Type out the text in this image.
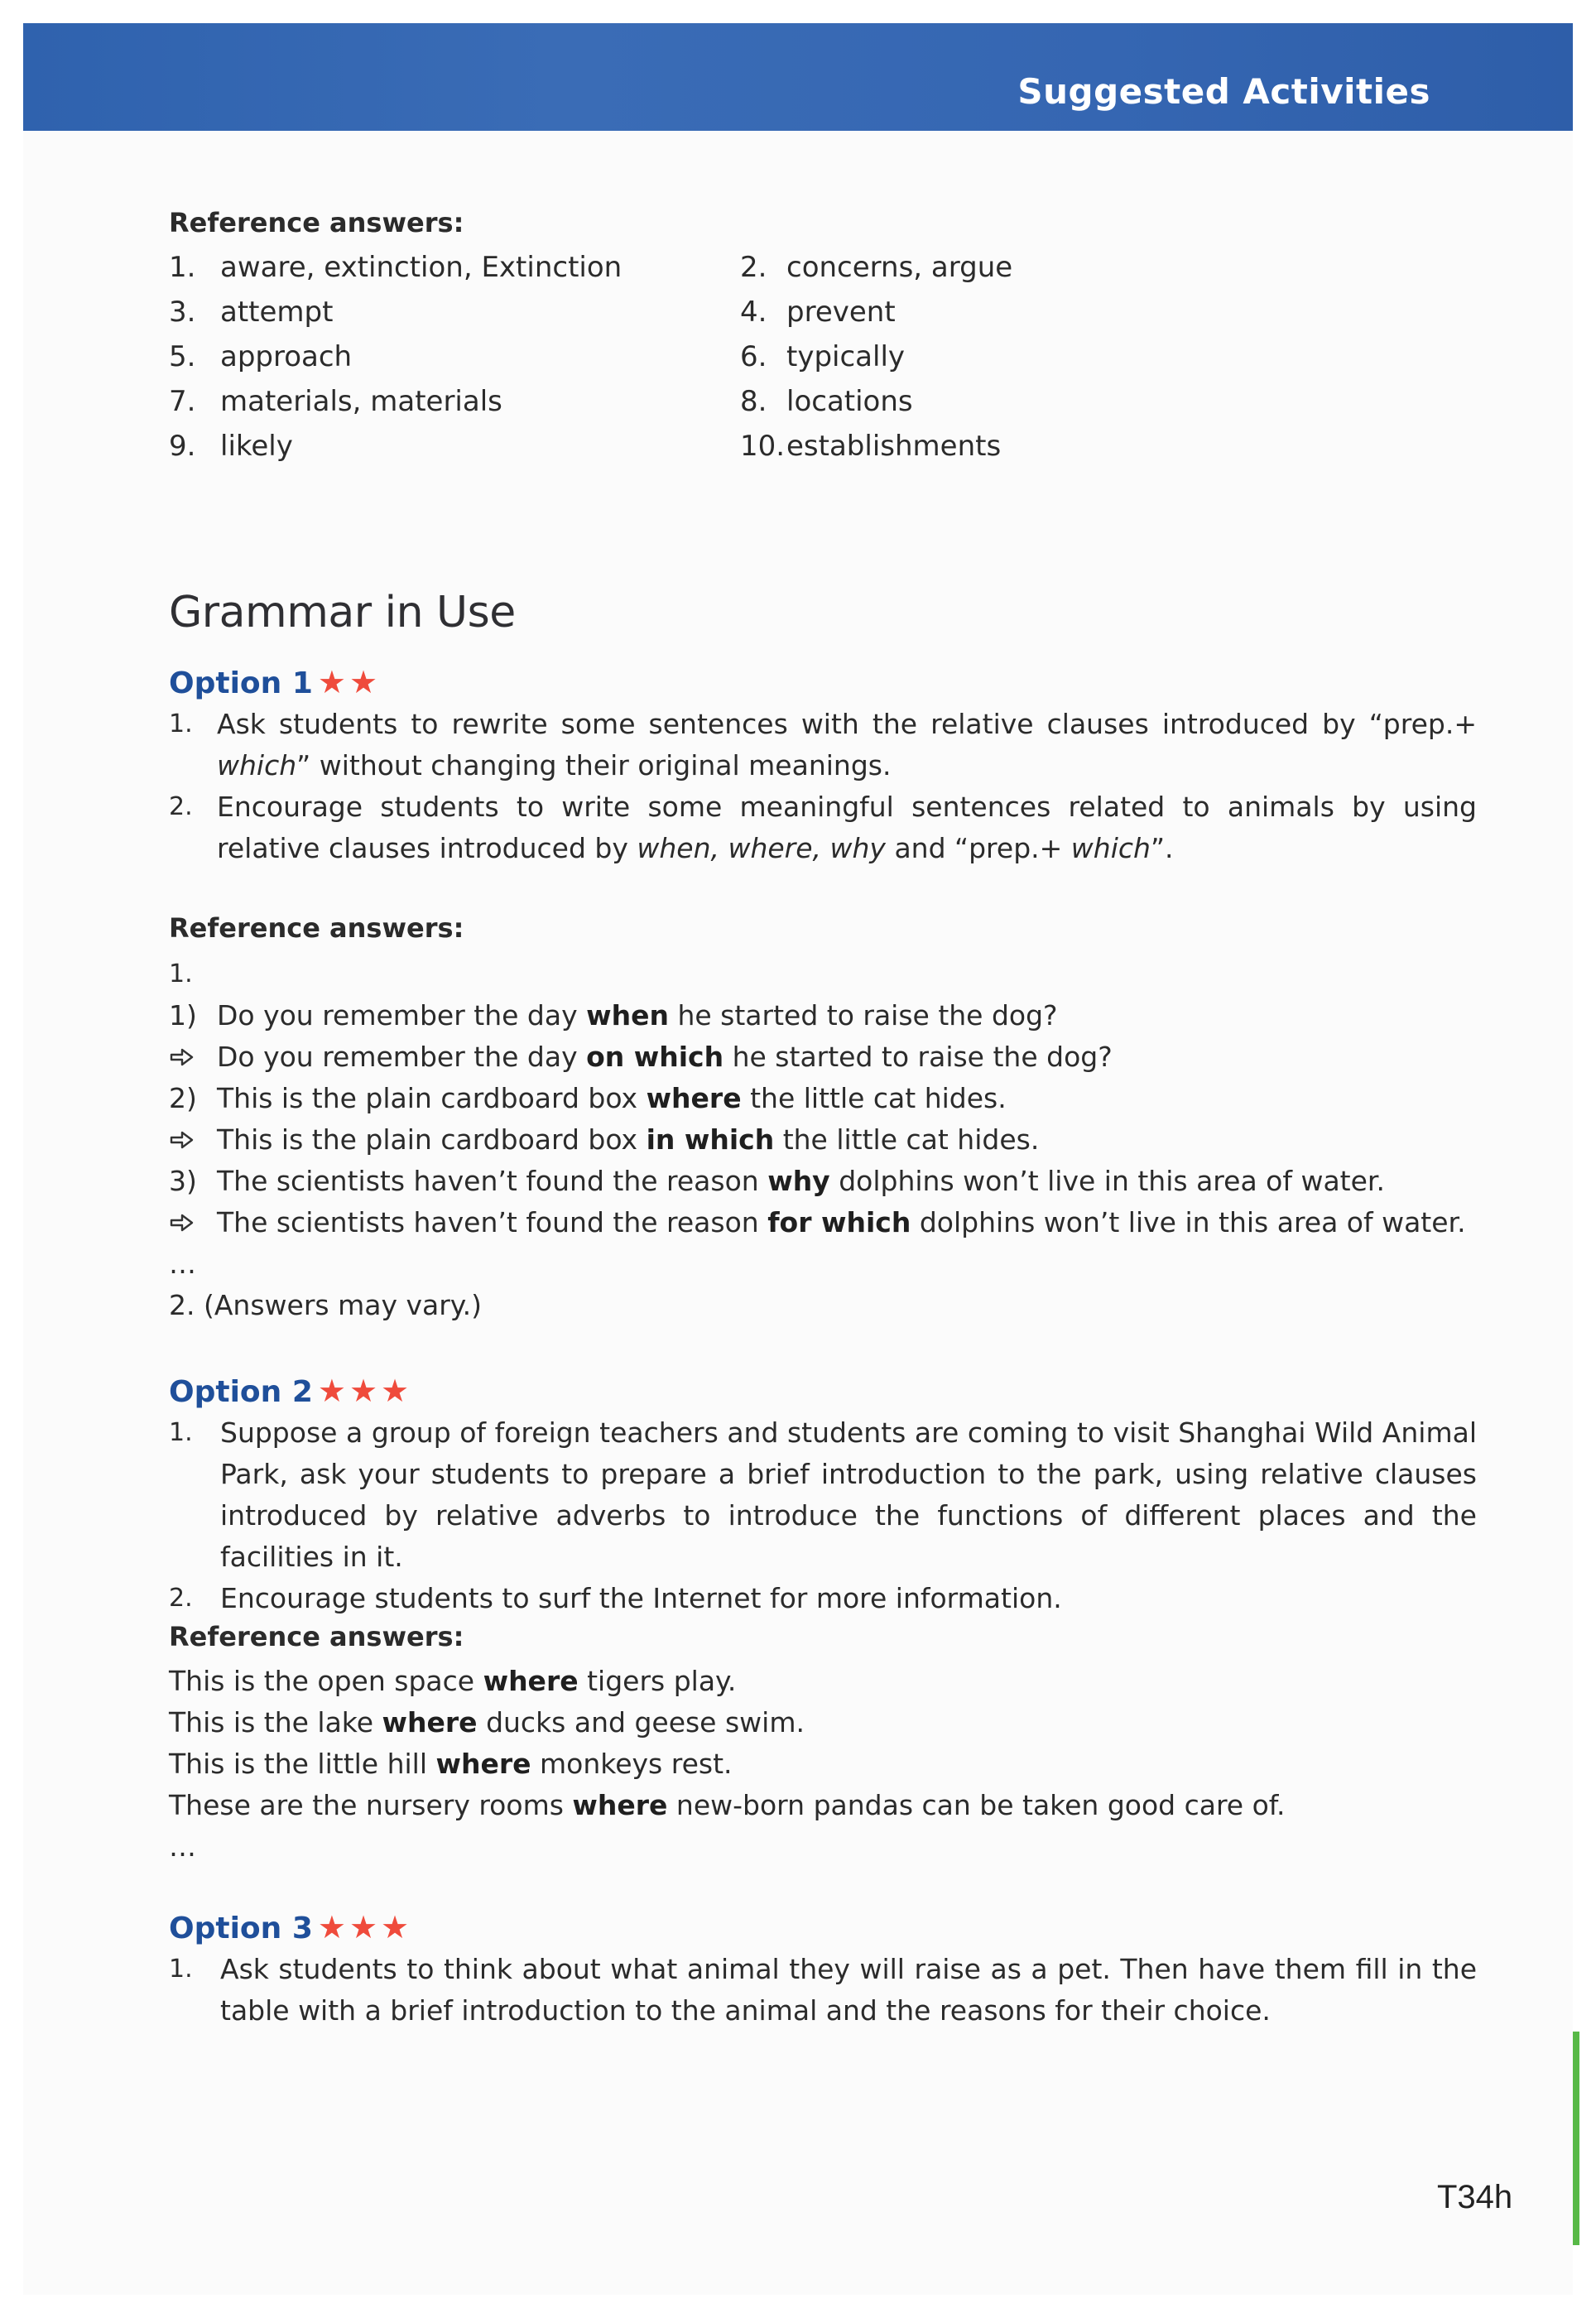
Suggested Activities
Reference answers:
1. aware, extinction, Extinction	2. concerns, argue
3. attempt	4. prevent
5. approach	6. typically
7. materials, materials	8. locations
9. likely	10.establishments
Grammar in Use
Option 1 ★★
1. Ask students to rewrite some sentences with the relative clauses introduced by “prep.+ which” without changing their original meanings.
2. Encourage students to write some meaningful sentences related to animals by using relative clauses introduced by when, where, why and “prep.+ which”.
Reference answers:
1.
1) Do you remember the day when he started to raise the dog?
Do you remember the day on which he started to raise the dog?
2) This is the plain cardboard box where the little cat hides.
This is the plain cardboard box in which the little cat hides.
3) The scientists haven’t found the reason why dolphins won’t live in this area of water.
The scientists haven’t found the reason for which dolphins won’t live in this area of water.
…
2. (Answers may vary.)
Option 2 ★★★
1. Suppose a group of foreign teachers and students are coming to visit Shanghai Wild Animal Park, ask your students to prepare a brief introduction to the park, using relative clauses introduced by relative adverbs to introduce the functions of different places and the facilities in it.
2. Encourage students to surf the Internet for more information.
Reference answers:
This is the open space where tigers play.
This is the lake where ducks and geese swim.
This is the little hill where monkeys rest.
These are the nursery rooms where new-born pandas can be taken good care of.
…
Option 3 ★★★
1. Ask students to think about what animal they will raise as a pet. Then have them fill in the table with a brief introduction to the animal and the reasons for their choice.
T34h
